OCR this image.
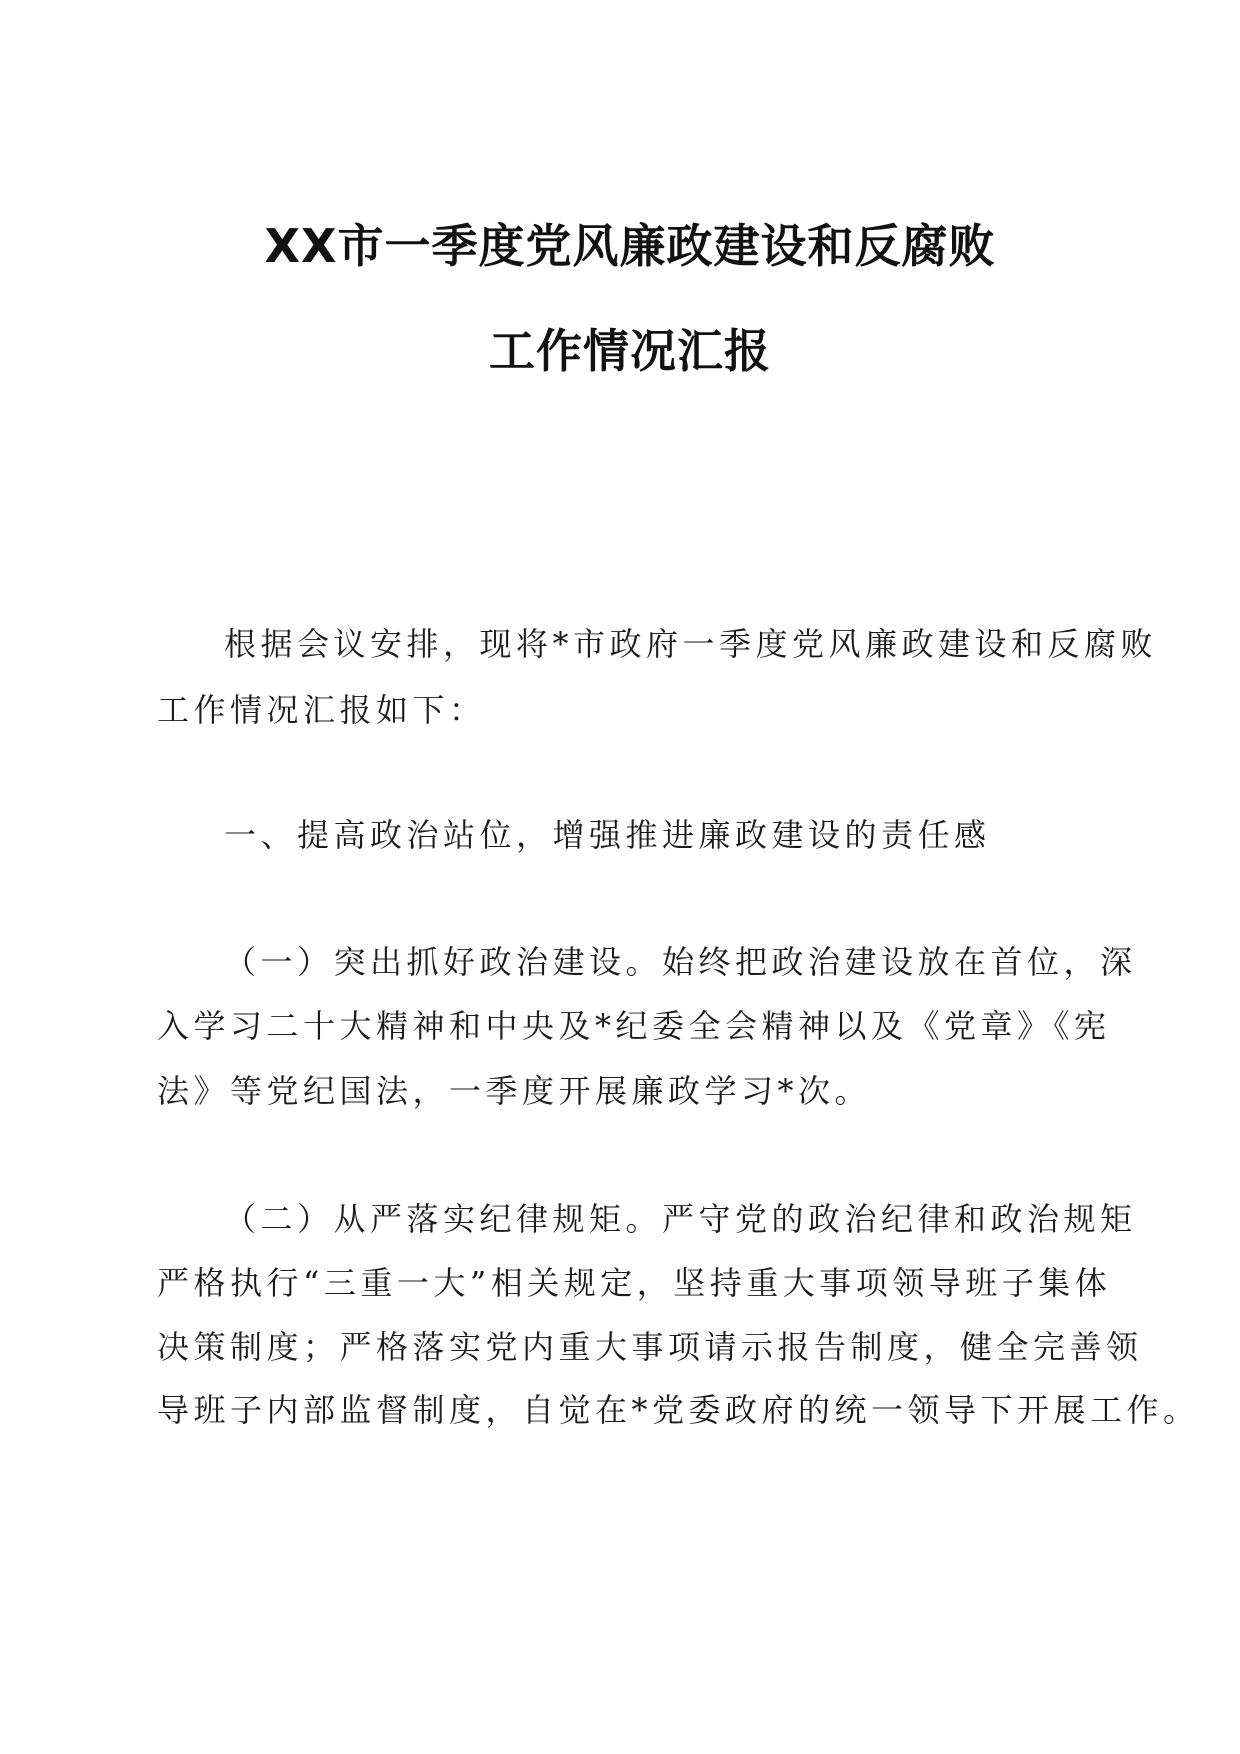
XX市一季度党风廉政建设和反腐败
工作情况汇报
根据会议安排，现将*市政府一季度党风廉政建设和反腐败
工作情况汇报如下：
一、提高政治站位，增强推进廉政建设的责任感
（一）突出抓好政治建设。始终把政治建设放在首位，深
入学习二十大精神和中央及*纪委全会精神以及《党章》《宪
法》等党纪国法，一季度开展廉政学习*次。
（二）从严落实纪律规矩。严守党的政治纪律和政治规矩
严格执行“三重一大”相关规定，坚持重大事项领导班子集体
决策制度；严格落实党内重大事项请示报告制度，健全完善领
导班子内部监督制度，自觉在*党委政府的统一领导下开展工作。
